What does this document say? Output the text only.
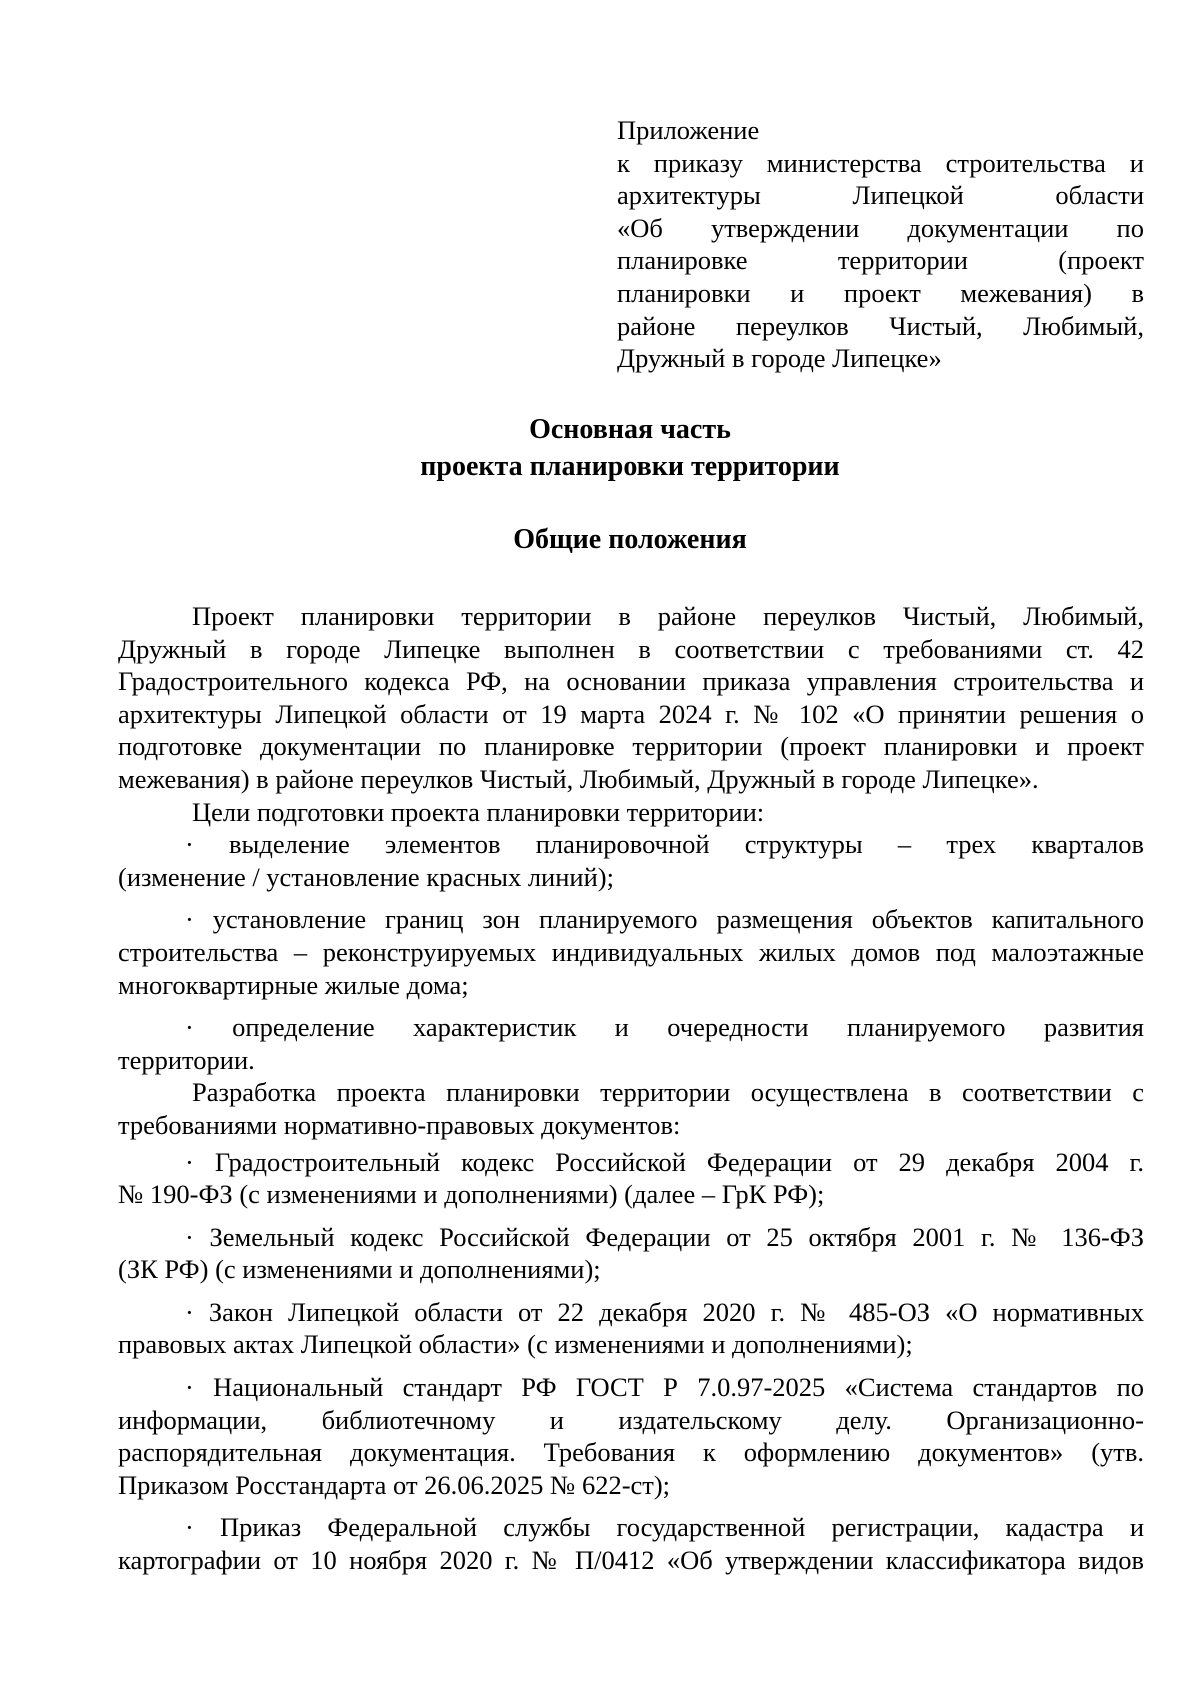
Приложение
к приказу министерства строительства и
архитектуры Липецкой области
«Об утверждении документации по
планировке территории (проект
планировки и проект межевания) в
районе переулков Чистый, Любимый,
Дружный в городе Липецке»
Основная часть
проекта планировки территории
Общие положения
Проект планировки территории в районе переулков Чистый, Любимый,
Дружный в городе Липецке выполнен в соответствии с требованиями ст. 42
Градостроительного кодекса РФ, на основании приказа управления строительства и
архитектуры Липецкой области от 19 марта 2024 г. № 102 «О принятии решения о
подготовке документации по планировке территории (проект планировки и проект
межевания) в районе переулков Чистый, Любимый, Дружный в городе Липецке».
Цели подготовки проекта планировки территории:
· выделение элементов планировочной структуры – трех кварталов
(изменение / установление красных линий);
· установление границ зон планируемого размещения объектов капитального
строительства – реконструируемых индивидуальных жилых домов под малоэтажные
многоквартирные жилые дома;
· определение характеристик и очередности планируемого развития
территории.
Разработка проекта планировки территории осуществлена в соответствии с
требованиями нормативно-правовых документов:
· Градостроительный кодекс Российской Федерации от 29 декабря 2004 г.
№ 190-ФЗ (с изменениями и дополнениями) (далее – ГрК РФ);
· Земельный кодекс Российской Федерации от 25 октября 2001 г. № 136-ФЗ
(ЗК РФ) (с изменениями и дополнениями);
· Закон Липецкой области от 22 декабря 2020 г. № 485-ОЗ «О нормативных
правовых актах Липецкой области» (с изменениями и дополнениями);
· Национальный стандарт РФ ГОСТ Р 7.0.97-2025 «Система стандартов по
информации, библиотечному и издательскому делу. Организационно-
распорядительная документация. Требования к оформлению документов» (утв.
Приказом Росстандарта от 26.06.2025 № 622-ст);
· Приказ Федеральной службы государственной регистрации, кадастра и
картографии от 10 ноября 2020 г. № П/0412 «Об утверждении классификатора видов
